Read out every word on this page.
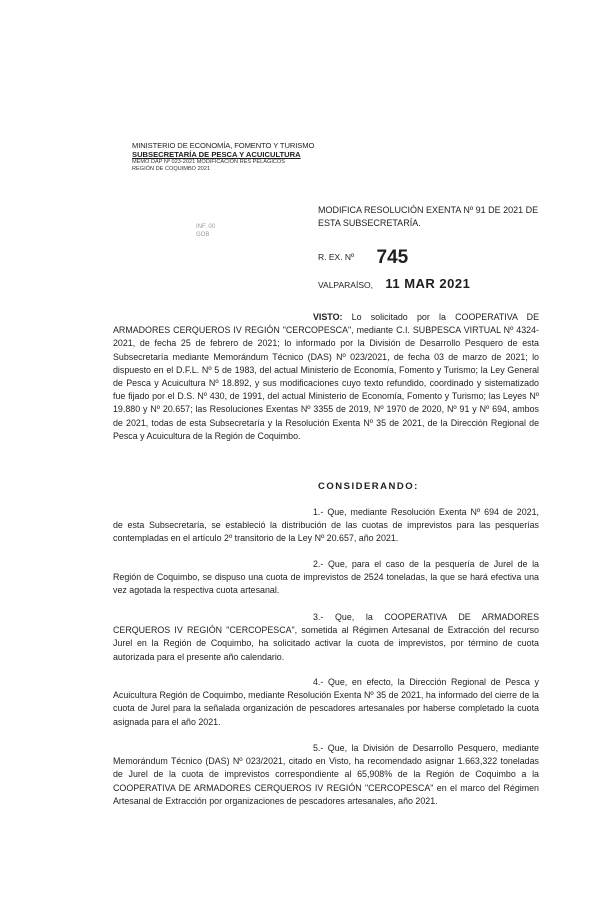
MINISTERIO DE ECONOMÍA, FOMENTO Y TURISMO
SUBSECRETARÍA DE PESCA Y ACUICULTURA
MEMO DAP Nº 023-2021 MODIFICACIÓN RES PELAGICOS
REGIÓN DE COQUIMBO 2021
INF. 00
GOB
MODIFICA RESOLUCIÓN EXENTA Nº 91 DE 2021 DE ESTA SUBSECRETARÍA.
R. EX. Nº 745
VALPARAÍSO, 11 MAR 2021
VISTO: Lo solicitado por la COOPERATIVA DE ARMADORES CERQUEROS IV REGIÓN "CERCOPESCA", mediante C.I. SUBPESCA VIRTUAL Nº 4324-2021, de fecha 25 de febrero de 2021; lo informado por la División de Desarrollo Pesquero de esta Subsecretaría mediante Memorándum Técnico (DAS) Nº 023/2021, de fecha 03 de marzo de 2021; lo dispuesto en el D.F.L. Nº 5 de 1983, del actual Ministerio de Economía, Fomento y Turismo; la Ley General de Pesca y Acuicultura Nº 18.892, y sus modificaciones cuyo texto refundido, coordinado y sistematizado fue fijado por el D.S. Nº 430, de 1991, del actual Ministerio de Economía, Fomento y Turismo; las Leyes Nº 19.880 y Nº 20.657; las Resoluciones Exentas Nº 3355 de 2019, Nº 1970 de 2020, Nº 91 y Nº 694, ambos de 2021, todas de esta Subsecretaría y la Resolución Exenta Nº 35 de 2021, de la Dirección Regional de Pesca y Acuicultura de la Región de Coquimbo.
CONSIDERANDO:
1.- Que, mediante Resolución Exenta Nº 694 de 2021, de esta Subsecretaría, se estableció la distribución de las cuotas de imprevistos para las pesquerías contempladas en el artículo 2º transitorio de la Ley Nº 20.657, año 2021.
2.- Que, para el caso de la pesquería de Jurel de la Región de Coquimbo, se dispuso una cuota de imprevistos de 2524 toneladas, la que se hará efectiva una vez agotada la respectiva cuota artesanal.
3.- Que, la COOPERATIVA DE ARMADORES CERQUEROS IV REGIÓN "CERCOPESCA", sometida al Régimen Artesanal de Extracción del recurso Jurel en la Región de Coquimbo, ha solicitado activar la cuota de imprevistos, por término de cuota autorizada para el presente año calendario.
4.- Que, en efecto, la Dirección Regional de Pesca y Acuicultura Región de Coquimbo, mediante Resolución Exenta Nº 35 de 2021, ha informado del cierre de la cuota de Jurel para la señalada organización de pescadores artesanales por haberse completado la cuota asignada para el año 2021.
5.- Que, la División de Desarrollo Pesquero, mediante Memorándum Técnico (DAS) Nº 023/2021, citado en Visto, ha recomendado asignar 1.663,322 toneladas de Jurel de la cuota de imprevistos correspondiente al 65,908% de la Región de Coquimbo a la COOPERATIVA DE ARMADORES CERQUEROS IV REGIÓN "CERCOPESCA" en el marco del Régimen Artesanal de Extracción por organizaciones de pescadores artesanales, año 2021.
